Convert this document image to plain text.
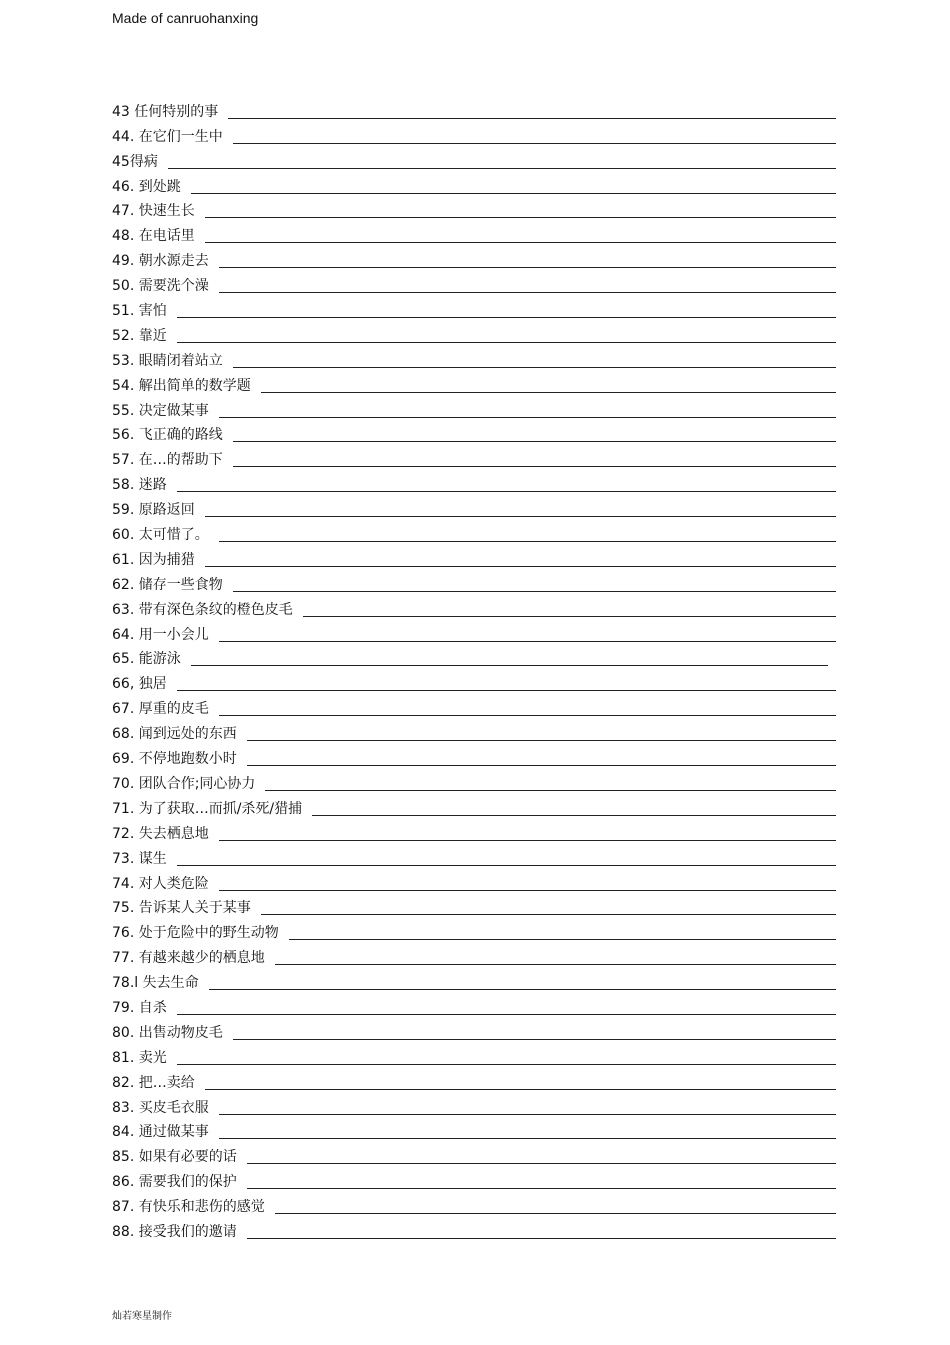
Made of canruohanxing
43 任何特别的事
44. 在它们一生中
45得病
46. 到处跳
47. 快速生长
48. 在电话里
49. 朝水源走去
50. 需要洗个澡
51. 害怕
52. 靠近
53. 眼睛闭着站立
54. 解出简单的数学题
55. 决定做某事
56. 飞正确的路线
57. 在…的帮助下
58. 迷路
59. 原路返回
60. 太可惜了。
61. 因为捕猎
62. 储存一些食物
63. 带有深色条纹的橙色皮毛
64. 用一小会儿
65. 能游泳
66, 独居
67. 厚重的皮毛
68. 闻到远处的东西
69. 不停地跑数小时
70. 团队合作;同心协力
71. 为了获取…而抓/杀死/猎捕
72. 失去栖息地
73. 谋生
74. 对人类危险
75. 告诉某人关于某事
76. 处于危险中的野生动物
77. 有越来越少的栖息地
78.l 失去生命
79. 自杀
80. 出售动物皮毛
81. 卖光
82. 把…卖给
83. 买皮毛衣服
84. 通过做某事
85. 如果有必要的话
86. 需要我们的保护
87. 有快乐和悲伤的感觉
88. 接受我们的邀请
灿若寒星制作
